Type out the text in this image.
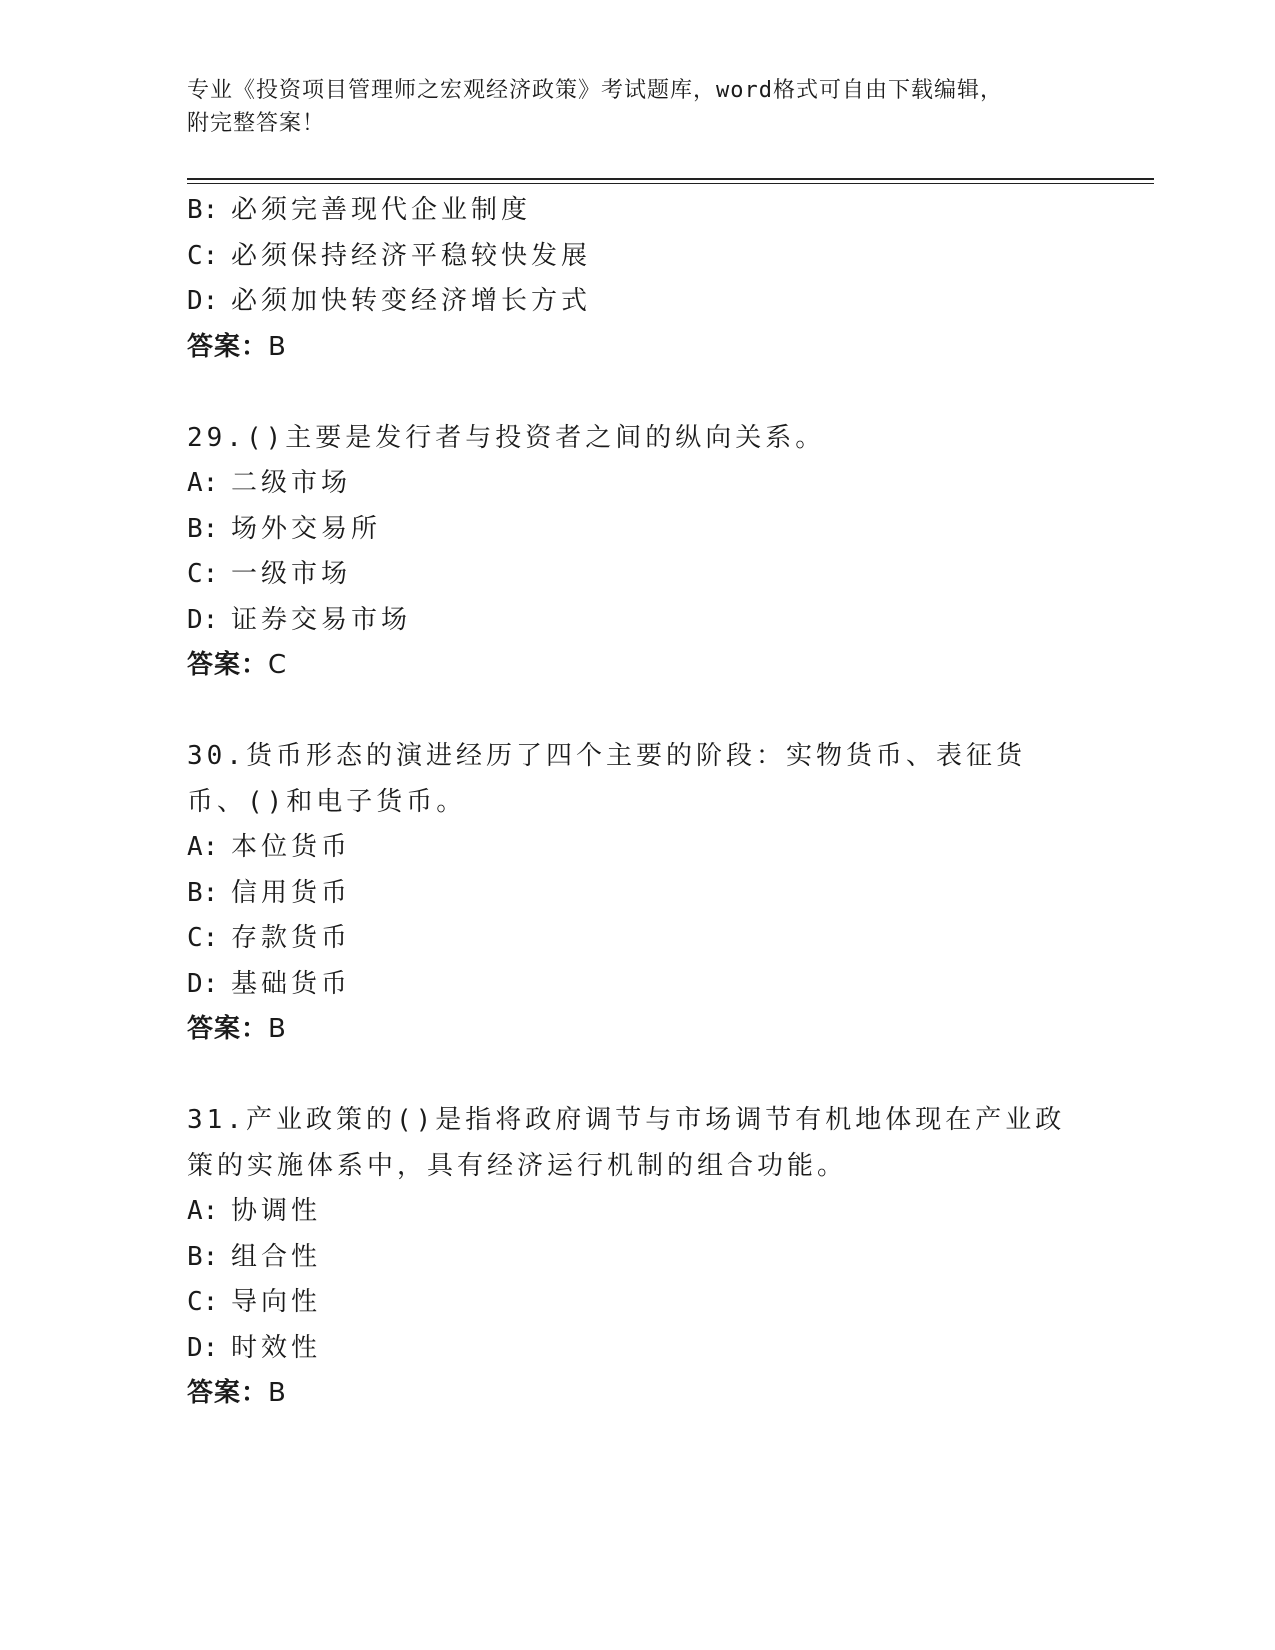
专业《投资项目管理师之宏观经济政策》考试题库，word格式可自由下载编辑，
附完整答案！
B: 必须完善现代企业制度
C: 必须保持经济平稳较快发展
D: 必须加快转变经济增长方式
答案：B
29.()主要是发行者与投资者之间的纵向关系。
A: 二级市场
B: 场外交易所
C: 一级市场
D: 证券交易市场
答案：C
30.货币形态的演进经历了四个主要的阶段：实物货币、表征货币、()和电子货币。
A: 本位货币
B: 信用货币
C: 存款货币
D: 基础货币
答案：B
31.产业政策的()是指将政府调节与市场调节有机地体现在产业政策的实施体系中，具有经济运行机制的组合功能。
A: 协调性
B: 组合性
C: 导向性
D: 时效性
答案：B
